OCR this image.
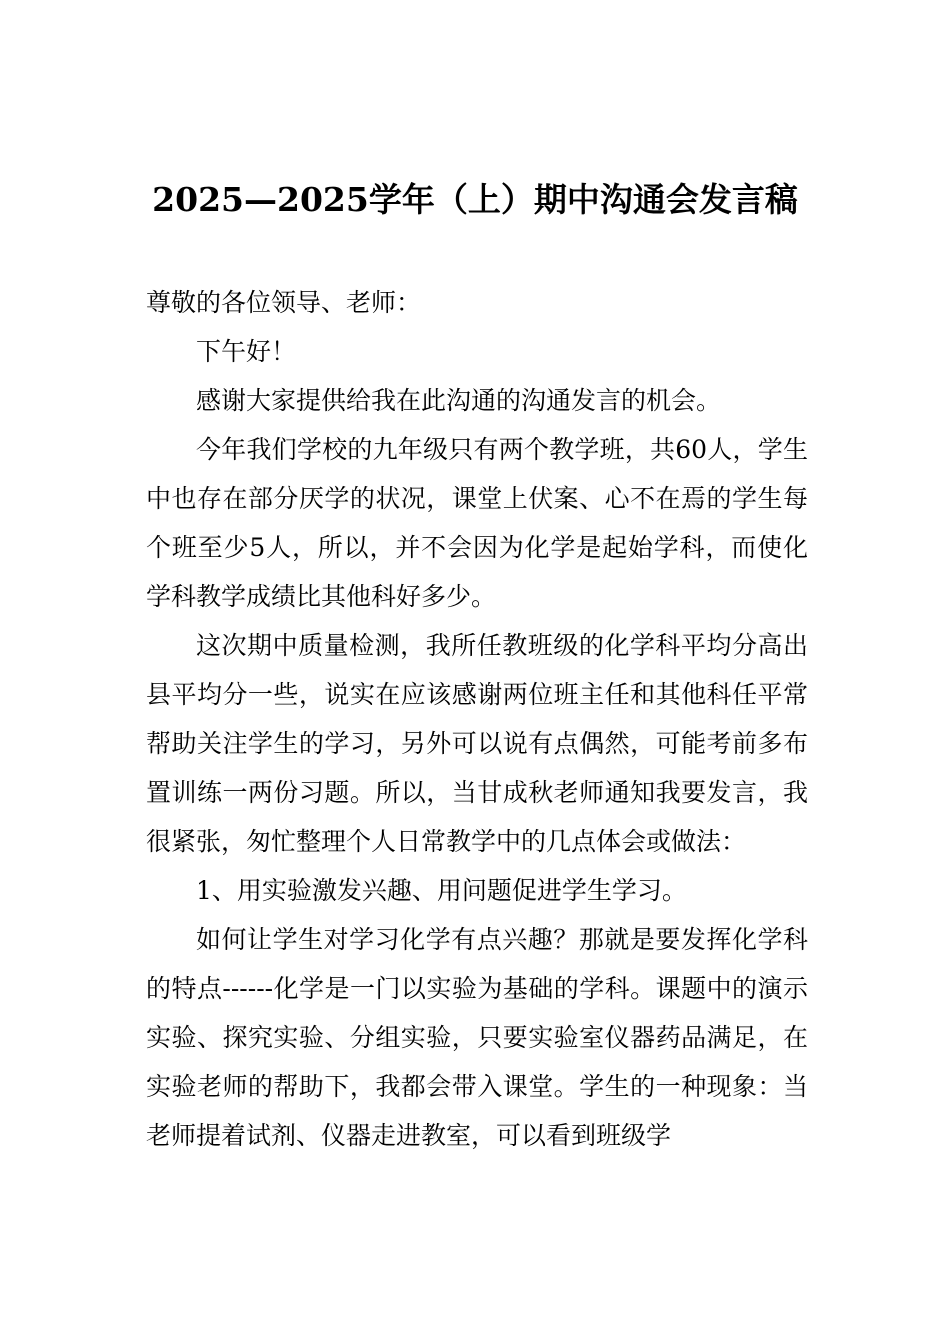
2025—2025学年（上）期中沟通会发言稿

尊敬的各位领导、老师：

下午好！

感谢大家提供给我在此沟通的沟通发言的机会。

今年我们学校的九年级只有两个教学班，共60人，学生中也存在部分厌学的状况，课堂上伏案、心不在焉的学生每个班至少5人，所以，并不会因为化学是起始学科，而使化学科教学成绩比其他科好多少。

这次期中质量检测，我所任教班级的化学科平均分高出县平均分一些，说实在应该感谢两位班主任和其他科任平常帮助关注学生的学习，另外可以说有点偶然，可能考前多布置训练一两份习题。所以，当甘成秋老师通知我要发言，我很紧张，匆忙整理个人日常教学中的几点体会或做法：

1、用实验激发兴趣、用问题促进学生学习。

如何让学生对学习化学有点兴趣？那就是要发挥化学科的特点------化学是一门以实验为基础的学科。课题中的演示实验、探究实验、分组实验，只要实验室仪器药品满足，在实验老师的帮助下，我都会带入课堂。学生的一种现象：当老师提着试剂、仪器走进教室，可以看到班级学
